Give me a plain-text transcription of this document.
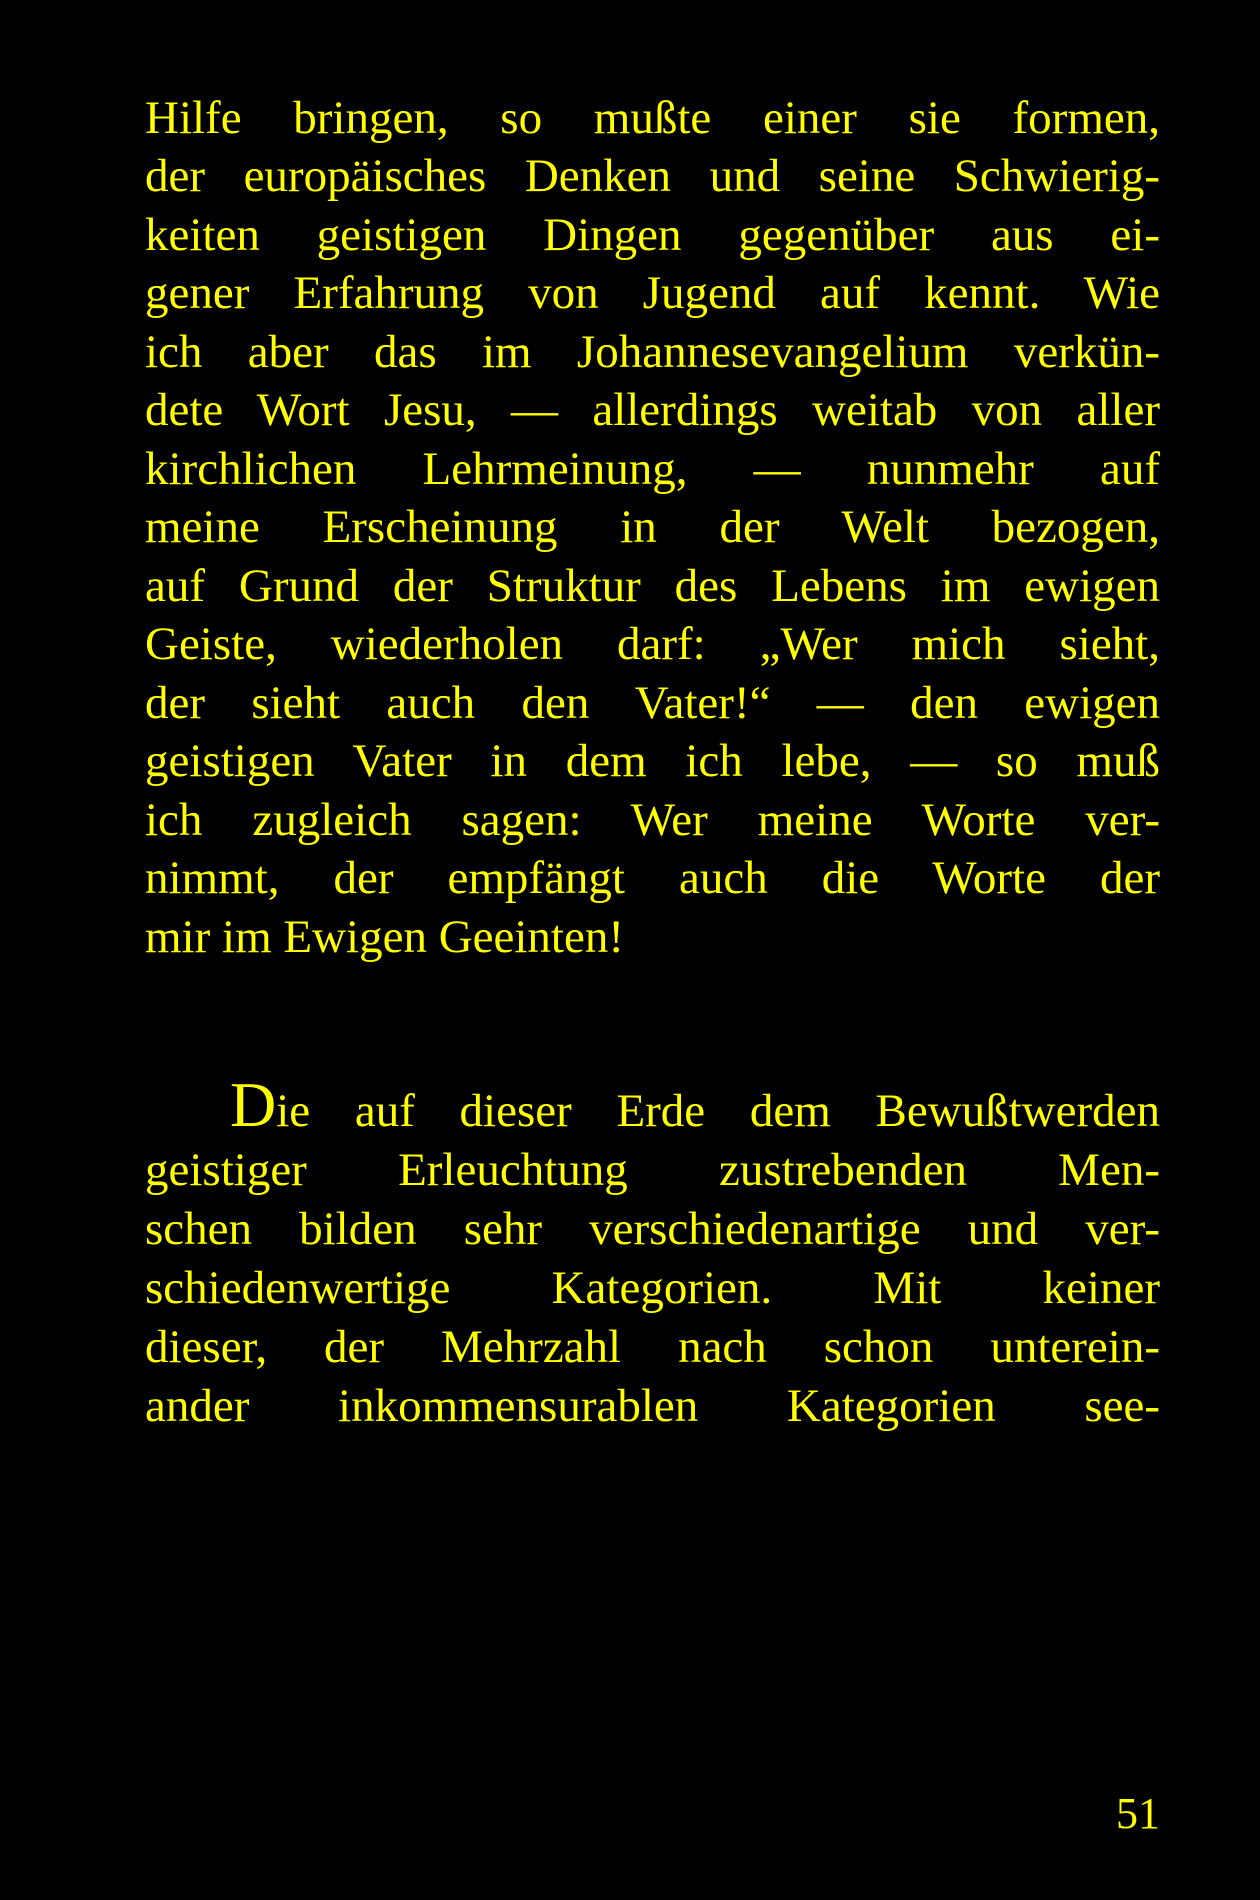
Hilfe bringen, so mußte einer sie formen,
der europäisches Denken und seine Schwierig-
keiten geistigen Dingen gegenüber aus ei-
gener Erfahrung von Jugend auf kennt. Wie
ich aber das im Johannesevangelium verkün-
dete Wort Jesu, — allerdings weitab von aller
kirchlichen Lehrmeinung, — nunmehr auf
meine Erscheinung in der Welt bezogen,
auf Grund der Struktur des Lebens im ewigen
Geiste, wiederholen darf: „Wer mich sieht,
der sieht auch den Vater!“ — den ewigen
geistigen Vater in dem ich lebe, — so muß
ich zugleich sagen: Wer meine Worte ver-
nimmt, der empfängt auch die Worte der
mir im Ewigen Geeinten!
Die auf dieser Erde dem Bewußtwerden
geistiger Erleuchtung zustrebenden Men-
schen bilden sehr verschiedenartige und ver-
schiedenwertige Kategorien. Mit keiner
dieser, der Mehrzahl nach schon unterein-
ander inkommensurablen Kategorien see-
51
